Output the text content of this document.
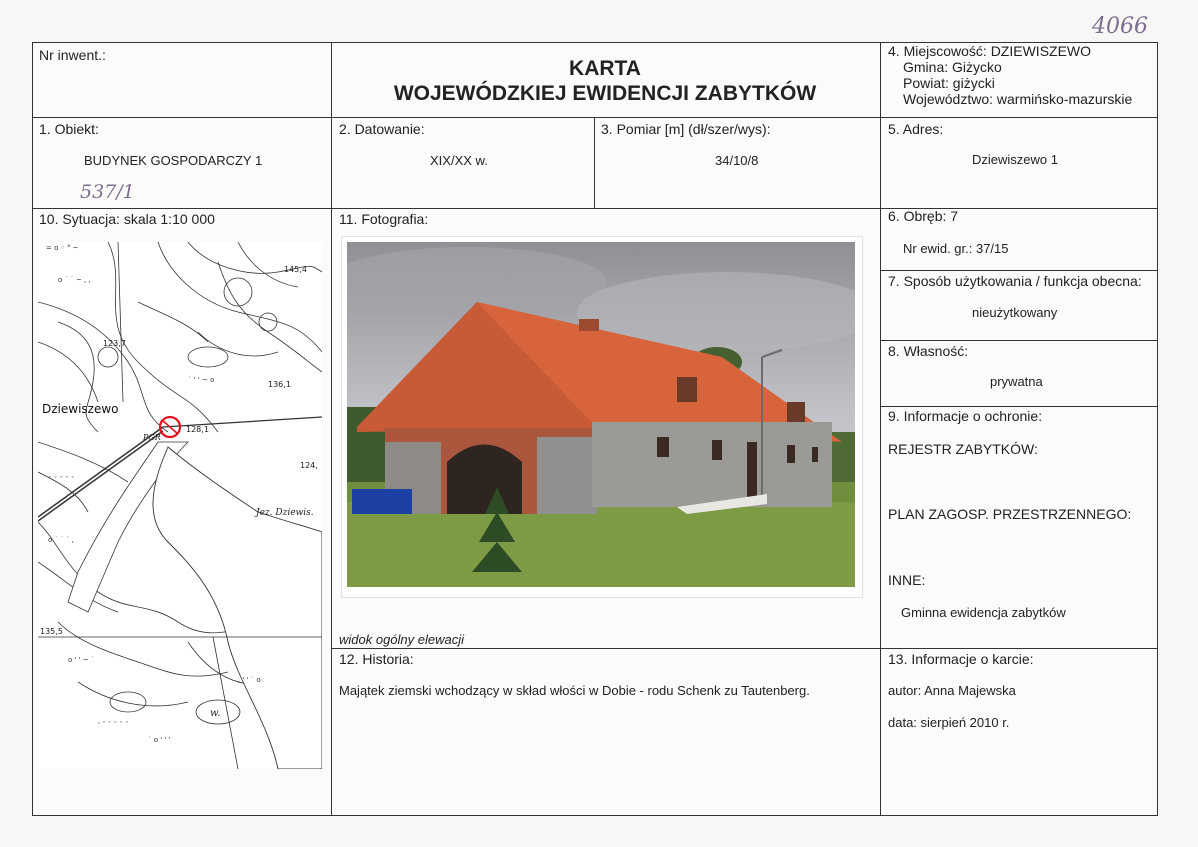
4066
Nr inwent.:
KARTA
WOJEWÓDZKIEJ EWIDENCJI ZABYTKÓW
4. Miejscowość: DZIEWISZEWO
Gmina: Giżycko
Powiat: giżycki
Województwo: warmińsko-mazurskie
1. Obiekt:
BUDYNEK GOSPODARCZY 1
537/1
2. Datowanie:
XIX/XX w.
3. Pomiar [m] (dł/szer/wys):
34/10/8
5. Adres:
Dziewiszewo 1
10. Sytuacja: skala 1:10 000
= o ◦ ° ~
o ˙ ˙ ~ , ,
˙ ' ' ~ o
ˇ ˇ ˇ ˇ ˇ
o ˙ ˙ ˙ ,
o ' ' ~ ˙
˙ o ' ' '
, ' ' ˙ o
' ˇ ˇ ˇ ˇ ˇ
145,4
123,7
136,1
128,1
124,
135,5
Dziewiszewo
PGR
Jez. Dziewis.
w.
11. Fotografia:
widok ogólny elewacji
6. Obręb: 7
Nr ewid. gr.: 37/15
7. Sposób użytkowania / funkcja obecna:
nieużytkowany
8. Własność:
prywatna
9. Informacje o ochronie:
REJESTR ZABYTKÓW:
PLAN ZAGOSP. PRZESTRZENNEGO:
INNE:
Gminna ewidencja zabytków
13. Informacje o karcie:
autor: Anna Majewska
data: sierpień 2010 r.
12. Historia:
Majątek ziemski wchodzący w skład włości w Dobie - rodu Schenk zu Tautenberg.
